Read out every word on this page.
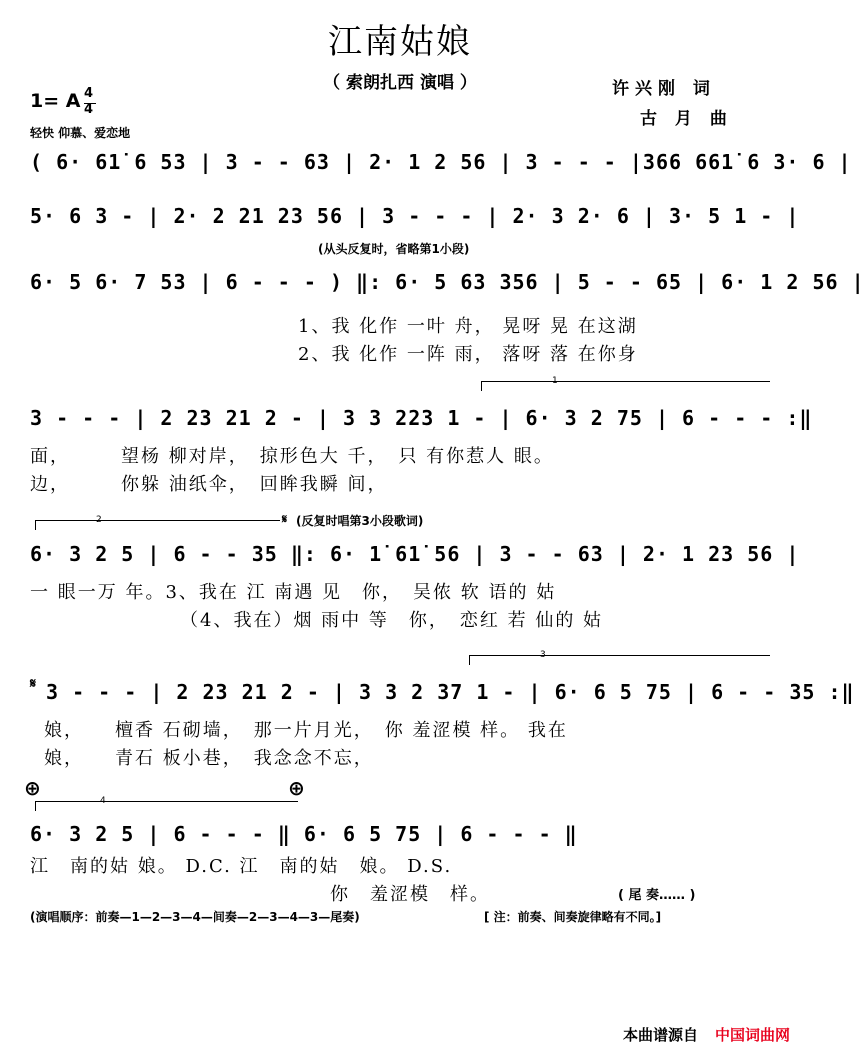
江南姑娘
（ 索朗扎西 演唱 ）	许兴刚 词
古 月 曲
1= A 4
4
轻快 仰慕、爱恋地
( 6· 61̇ 6 53 | 3 - - 63 | 2· 1 2 56 | 3 - - - |366 661̇ 6 3· 6 |
5· 6 3 - | 2· 2 21 23 56 | 3 - - - | 2· 3 2· 6 | 3· 5 1 - |
(从头反复时，省略第1小段)
6· 5 6· 7 53 | 6 - - - ) ‖: 6· 5 63 356 | 5 - - 65 | 6· 1 2 56 |
1、我 化作 一叶 舟， 晃呀 晃 在这湖
2、我 化作 一阵 雨， 落呀 落 在你身
1
3 - - - | 2 23 21 2 - | 3 3 223 1 - | 6· 3 2 75 | 6 - - - :‖
面，　　　望杨 柳对岸，　掠形色大 千，　只 有你惹人 眼。
边，　　　你躲 油纸伞，　回眸我瞬 间，
2	𝄋 (反复时唱第3小段歌词)
6· 3 2 5 | 6 - - 35 ‖: 6· 1̇ 61̇ 56 | 3 - - 63 | 2· 1 23 56 |
一 眼一万 年。3、我在 江 南遇 见　你，　吴侬 软 语的 姑
（4、我在）烟 雨中 等　你，　恋红 若 仙的 姑
3
𝄋 3 - - - | 2 23 21 2 - | 3 3 2 37 1 - | 6· 6 5 75 | 6 - - 35 :‖
娘，　　檀香 石砌墙，　那一片月光，　你 羞涩模 样。 我在
娘，　　青石 板小巷，　我念念不忘，
⊕	⊕
4
6· 3 2 5 | 6 - - - ‖ 6· 6 5 75 | 6 - - - ‖
江　南的姑 娘。 D.C. 江　南的姑　娘。 D.S.
你　羞涩模　样。	( 尾 奏…… )
(演唱顺序：前奏—1—2—3—4—间奏—2—3—4—3—尾奏)	[ 注：前奏、间奏旋律略有不同。]
本曲谱源自 中国词曲网
